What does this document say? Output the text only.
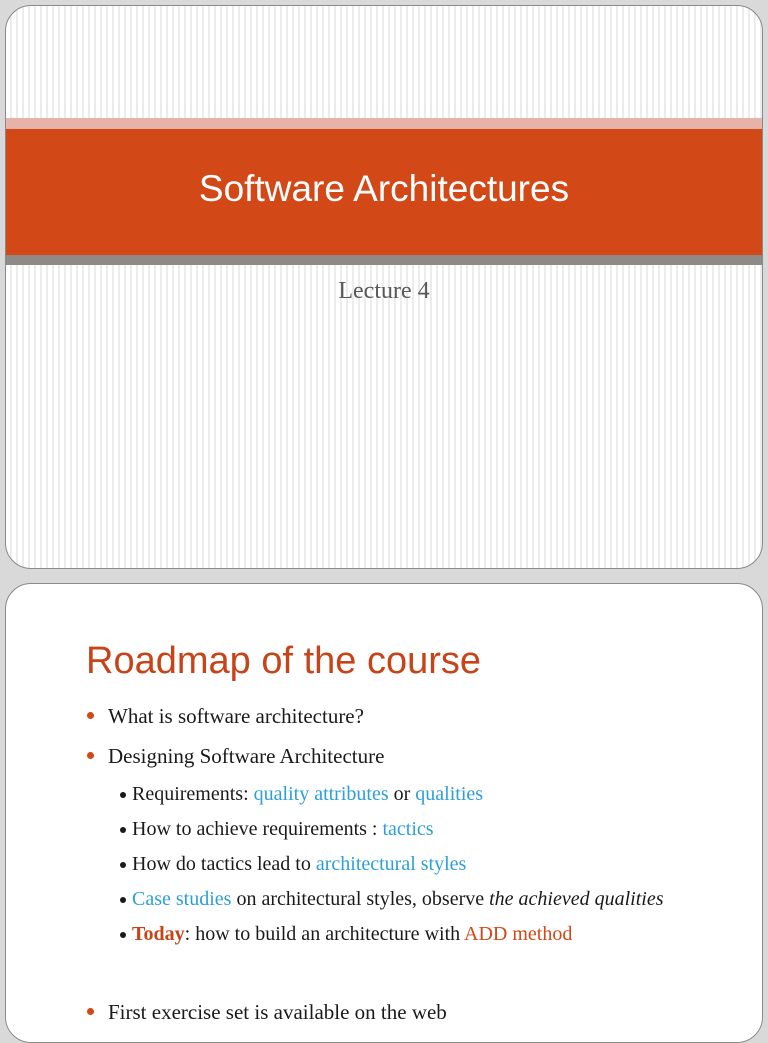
Software Architectures
Lecture 4
Roadmap of the course
What is software architecture?
Designing Software Architecture
Requirements: quality attributes or qualities
How to achieve requirements : tactics
How do tactics lead to architectural styles
Case studies on architectural styles, observe the achieved qualities
Today: how to build an architecture with ADD method
First exercise set is available on the web
